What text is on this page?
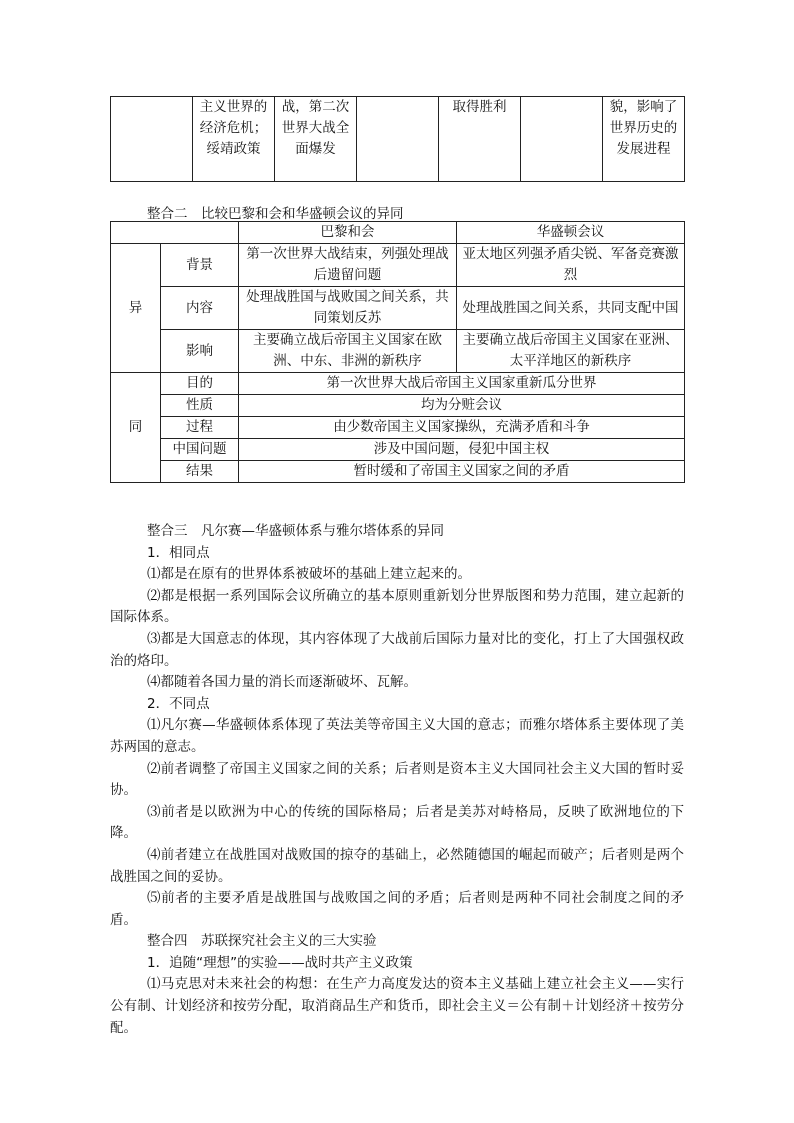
	主义世界的经济危机；绥靖政策	战，第二次世界大战全面爆发		取得胜利		貌，影响了世界历史的发展进程
整合二　比较巴黎和会和华盛顿会议的异同
		巴黎和会	华盛顿会议
异	背景	第一次世界大战结束，列强处理战后遗留问题	亚太地区列强矛盾尖锐、军备竞赛激烈
	内容	处理战胜国与战败国之间关系，共同策划反苏	处理战胜国之间关系，共同支配中国
	影响	主要确立战后帝国主义国家在欧洲、中东、非洲的新秩序	主要确立战后帝国主义国家在亚洲、太平洋地区的新秩序
同	目的	第一次世界大战后帝国主义国家重新瓜分世界	
	性质	均为分赃会议	
	过程	由少数帝国主义国家操纵，充满矛盾和斗争	
	中国问题	涉及中国问题，侵犯中国主权	
	结果	暂时缓和了帝国主义国家之间的矛盾	

整合三　凡尔赛—华盛顿体系与雅尔塔体系的异同

1．相同点

⑴都是在原有的世界体系被破坏的基础上建立起来的。

⑵都是根据一系列国际会议所确立的基本原则重新划分世界版图和势力范围，建立起新的国际体系。

⑶都是大国意志的体现，其内容体现了大战前后国际力量对比的变化，打上了大国强权政治的烙印。

⑷都随着各国力量的消长而逐渐破坏、瓦解。

2．不同点

⑴凡尔赛—华盛顿体系体现了英法美等帝国主义大国的意志；而雅尔塔体系主要体现了美苏两国的意志。

⑵前者调整了帝国主义国家之间的关系；后者则是资本主义大国同社会主义大国的暂时妥协。

⑶前者是以欧洲为中心的传统的国际格局；后者是美苏对峙格局，反映了欧洲地位的下降。

⑷前者建立在战胜国对战败国的掠夺的基础上，必然随德国的崛起而破产；后者则是两个战胜国之间的妥协。

⑸前者的主要矛盾是战胜国与战败国之间的矛盾；后者则是两种不同社会制度之间的矛盾。

整合四　苏联探究社会主义的三大实验

1．追随“理想”的实验——战时共产主义政策

⑴马克思对未来社会的构想：在生产力高度发达的资本主义基础上建立社会主义——实行公有制、计划经济和按劳分配，取消商品生产和货币，即社会主义＝公有制＋计划经济＋按劳分配。
